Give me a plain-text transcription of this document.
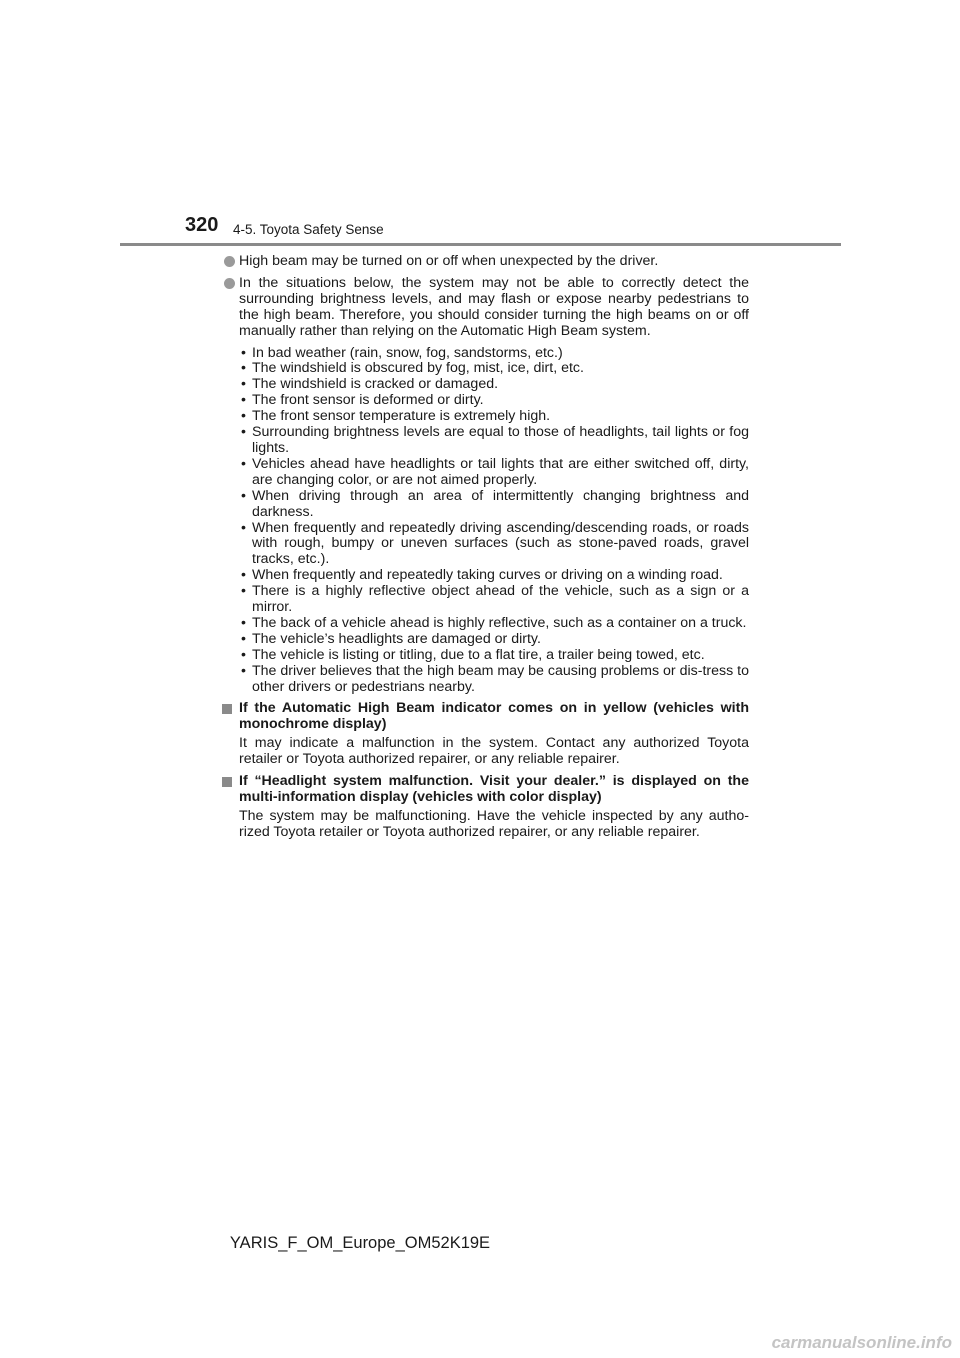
320 4-5. Toyota Safety Sense
High beam may be turned on or off when unexpected by the driver.
In the situations below, the system may not be able to correctly detect the surrounding brightness levels, and may flash or expose nearby pedestrians to the high beam. Therefore, you should consider turning the high beams on or off manually rather than relying on the Automatic High Beam system.
• In bad weather (rain, snow, fog, sandstorms, etc.)
• The windshield is obscured by fog, mist, ice, dirt, etc.
• The windshield is cracked or damaged.
• The front sensor is deformed or dirty.
• The front sensor temperature is extremely high.
• Surrounding brightness levels are equal to those of headlights, tail lights or fog lights.
• Vehicles ahead have headlights or tail lights that are either switched off, dirty, are changing color, or are not aimed properly.
• When driving through an area of intermittently changing brightness and darkness.
• When frequently and repeatedly driving ascending/descending roads, or roads with rough, bumpy or uneven surfaces (such as stone-paved roads, gravel tracks, etc.).
• When frequently and repeatedly taking curves or driving on a winding road.
• There is a highly reflective object ahead of the vehicle, such as a sign or a mirror.
• The back of a vehicle ahead is highly reflective, such as a container on a truck.
• The vehicle’s headlights are damaged or dirty.
• The vehicle is listing or titling, due to a flat tire, a trailer being towed, etc.
• The driver believes that the high beam may be causing problems or dis-tress to other drivers or pedestrians nearby.
If the Automatic High Beam indicator comes on in yellow (vehicles with monochrome display)
It may indicate a malfunction in the system. Contact any authorized Toyota retailer or Toyota authorized repairer, or any reliable repairer.
If “Headlight system malfunction. Visit your dealer.” is displayed on the multi-information display (vehicles with color display)
The system may be malfunctioning. Have the vehicle inspected by any autho-rized Toyota retailer or Toyota authorized repairer, or any reliable repairer.
YARIS_F_OM_Europe_OM52K19E
carmanualsonline.info
